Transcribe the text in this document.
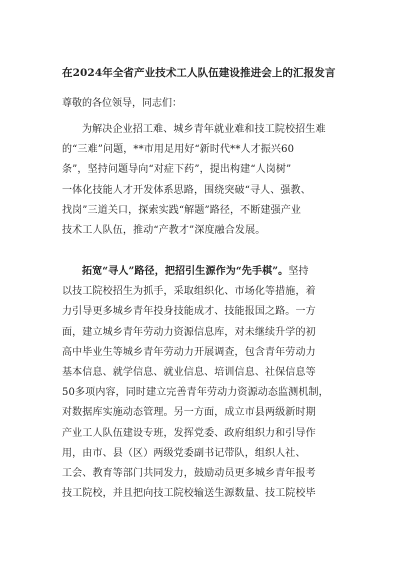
在2024年全省产业技术工人队伍建设推进会上的汇报发言
尊敬的各位领导，同志们：
为解决企业招工难、城乡青年就业难和技工院校招生难
的“三难”问题，**市用足用好“新时代**人才振兴60
条”，坚持问题导向“对症下药”，提出构建“人岗树”
一体化技能人才开发体系思路，围绕突破“寻人、强教、
找岗”三道关口，探索实践“解题”路径，不断建强产业
技术工人队伍，推动“产教才”深度融合发展。
拓宽“寻人”路径，把招引生源作为“先手棋”。坚持
以技工院校招生为抓手，采取组织化、市场化等措施，着
力引导更多城乡青年投身技能成才、技能报国之路。一方
面，建立城乡青年劳动力资源信息库，对未继续升学的初
高中毕业生等城乡青年劳动力开展调查，包含青年劳动力
基本信息、就学信息、就业信息、培训信息、社保信息等
50多项内容，同时建立完善青年劳动力资源动态监测机制，
对数据库实施动态管理。另一方面，成立市县两级新时期
产业工人队伍建设专班，发挥党委、政府组织力和引导作
用，由市、县（区）两级党委副书记带队，组织人社、
工会、教育等部门共同发力，鼓励动员更多城乡青年报考
技工院校，并且把向技工院校输送生源数量、技工院校毕
